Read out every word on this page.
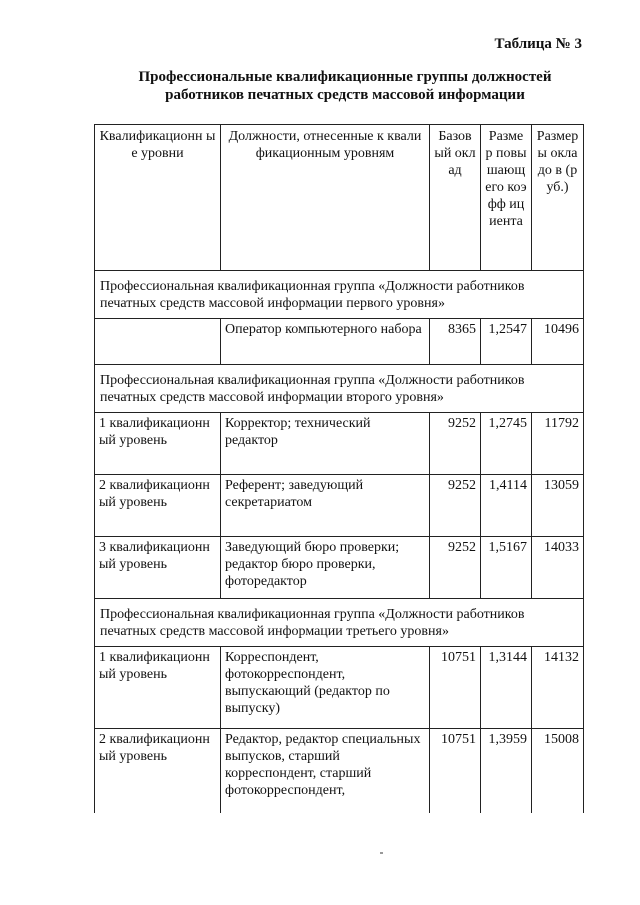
Таблица № 3
Профессиональные квалификационные группы должностей
работников печатных средств массовой информации
Квалификационн ые уровни	Должности, отнесенные к квалификационным уровням	Базов ый оклад	Разме р повы шающ его коэфф ициента	Размер ы окладо в (руб.)
Профессиональная квалификационная группа «Должности работников печатных средств массовой информации первого уровня»				
	Оператор компьютерного набора	8365	1,2547	10496
Профессиональная квалификационная группа «Должности работников печатных средств массовой информации второго уровня»				
1 квалификационн ый уровень	Корректор; технический редактор	9252	1,2745	11792
2 квалификационн ый уровень	Референт; заведующий секретариатом	9252	1,4114	13059
3 квалификационн ый уровень	Заведующий бюро проверки; редактор бюро проверки, фоторедактор	9252	1,5167	14033
Профессиональная квалификационная группа «Должности работников печатных средств массовой информации третьего уровня»				
1 квалификационн ый уровень	Корреспондент, фотокорреспондент, выпускающий (редактор по выпуску)	10751	1,3144	14132
2 квалификационн ый уровень	Редактор, редактор специальных выпусков, старший корреспондент, старший фотокорреспондент,	10751	1,3959	15008
